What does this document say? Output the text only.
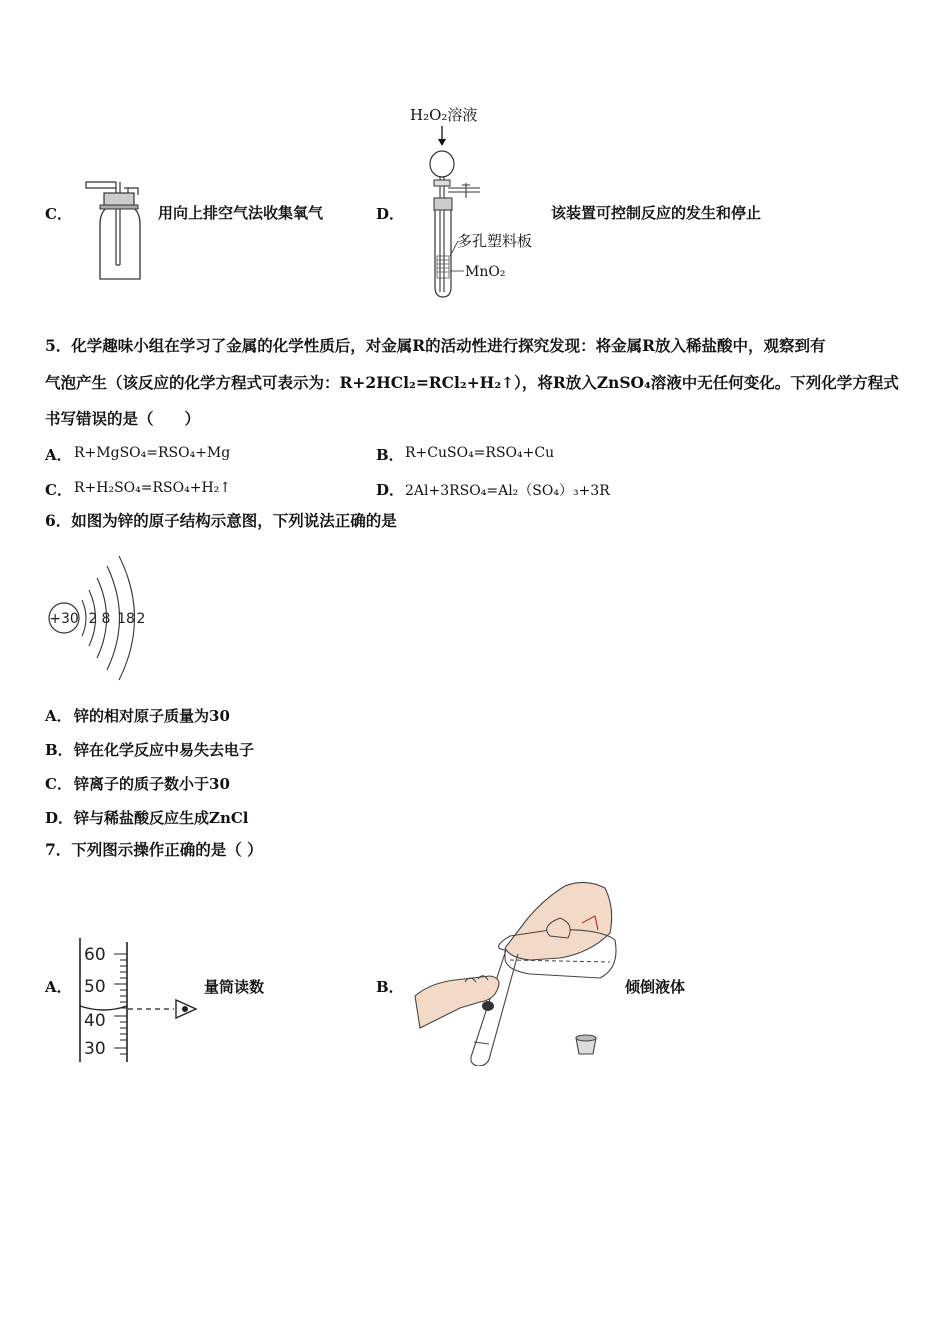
C．	用向上排空气法收集氧气	D．
H₂O₂溶液
多孔塑料板
MnO₂
该装置可控制反应的发生和停止
5．化学趣味小组在学习了金属的化学性质后，对金属R的活动性进行探究发现：将金属R放入稀盐酸中，观察到有
气泡产生（该反应的化学方程式可表示为：R+2HCl₂=RCl₂+H₂↑），将R放入ZnSO₄溶液中无任何变化。下列化学方程式
书写错误的是（　　）
A． R+MgSO₄=RSO₄+Mg	B． R+CuSO₄=RSO₄+Cu
C． R+H₂SO₄=RSO₄+H₂↑	D． 2Al+3RSO₄=Al₂（SO₄）₃+3R
6．如图为锌的原子结构示意图，下列说法正确的是
+30 2 8 18 2
A． 锌的相对原子质量为30
B． 锌在化学反应中易失去电子
C． 锌离子的质子数小于30
D． 锌与稀盐酸反应生成ZnCl
7．下列图示操作正确的是（ ）
A．
60
50
40
30
量筒读数	B．	倾倒液体
